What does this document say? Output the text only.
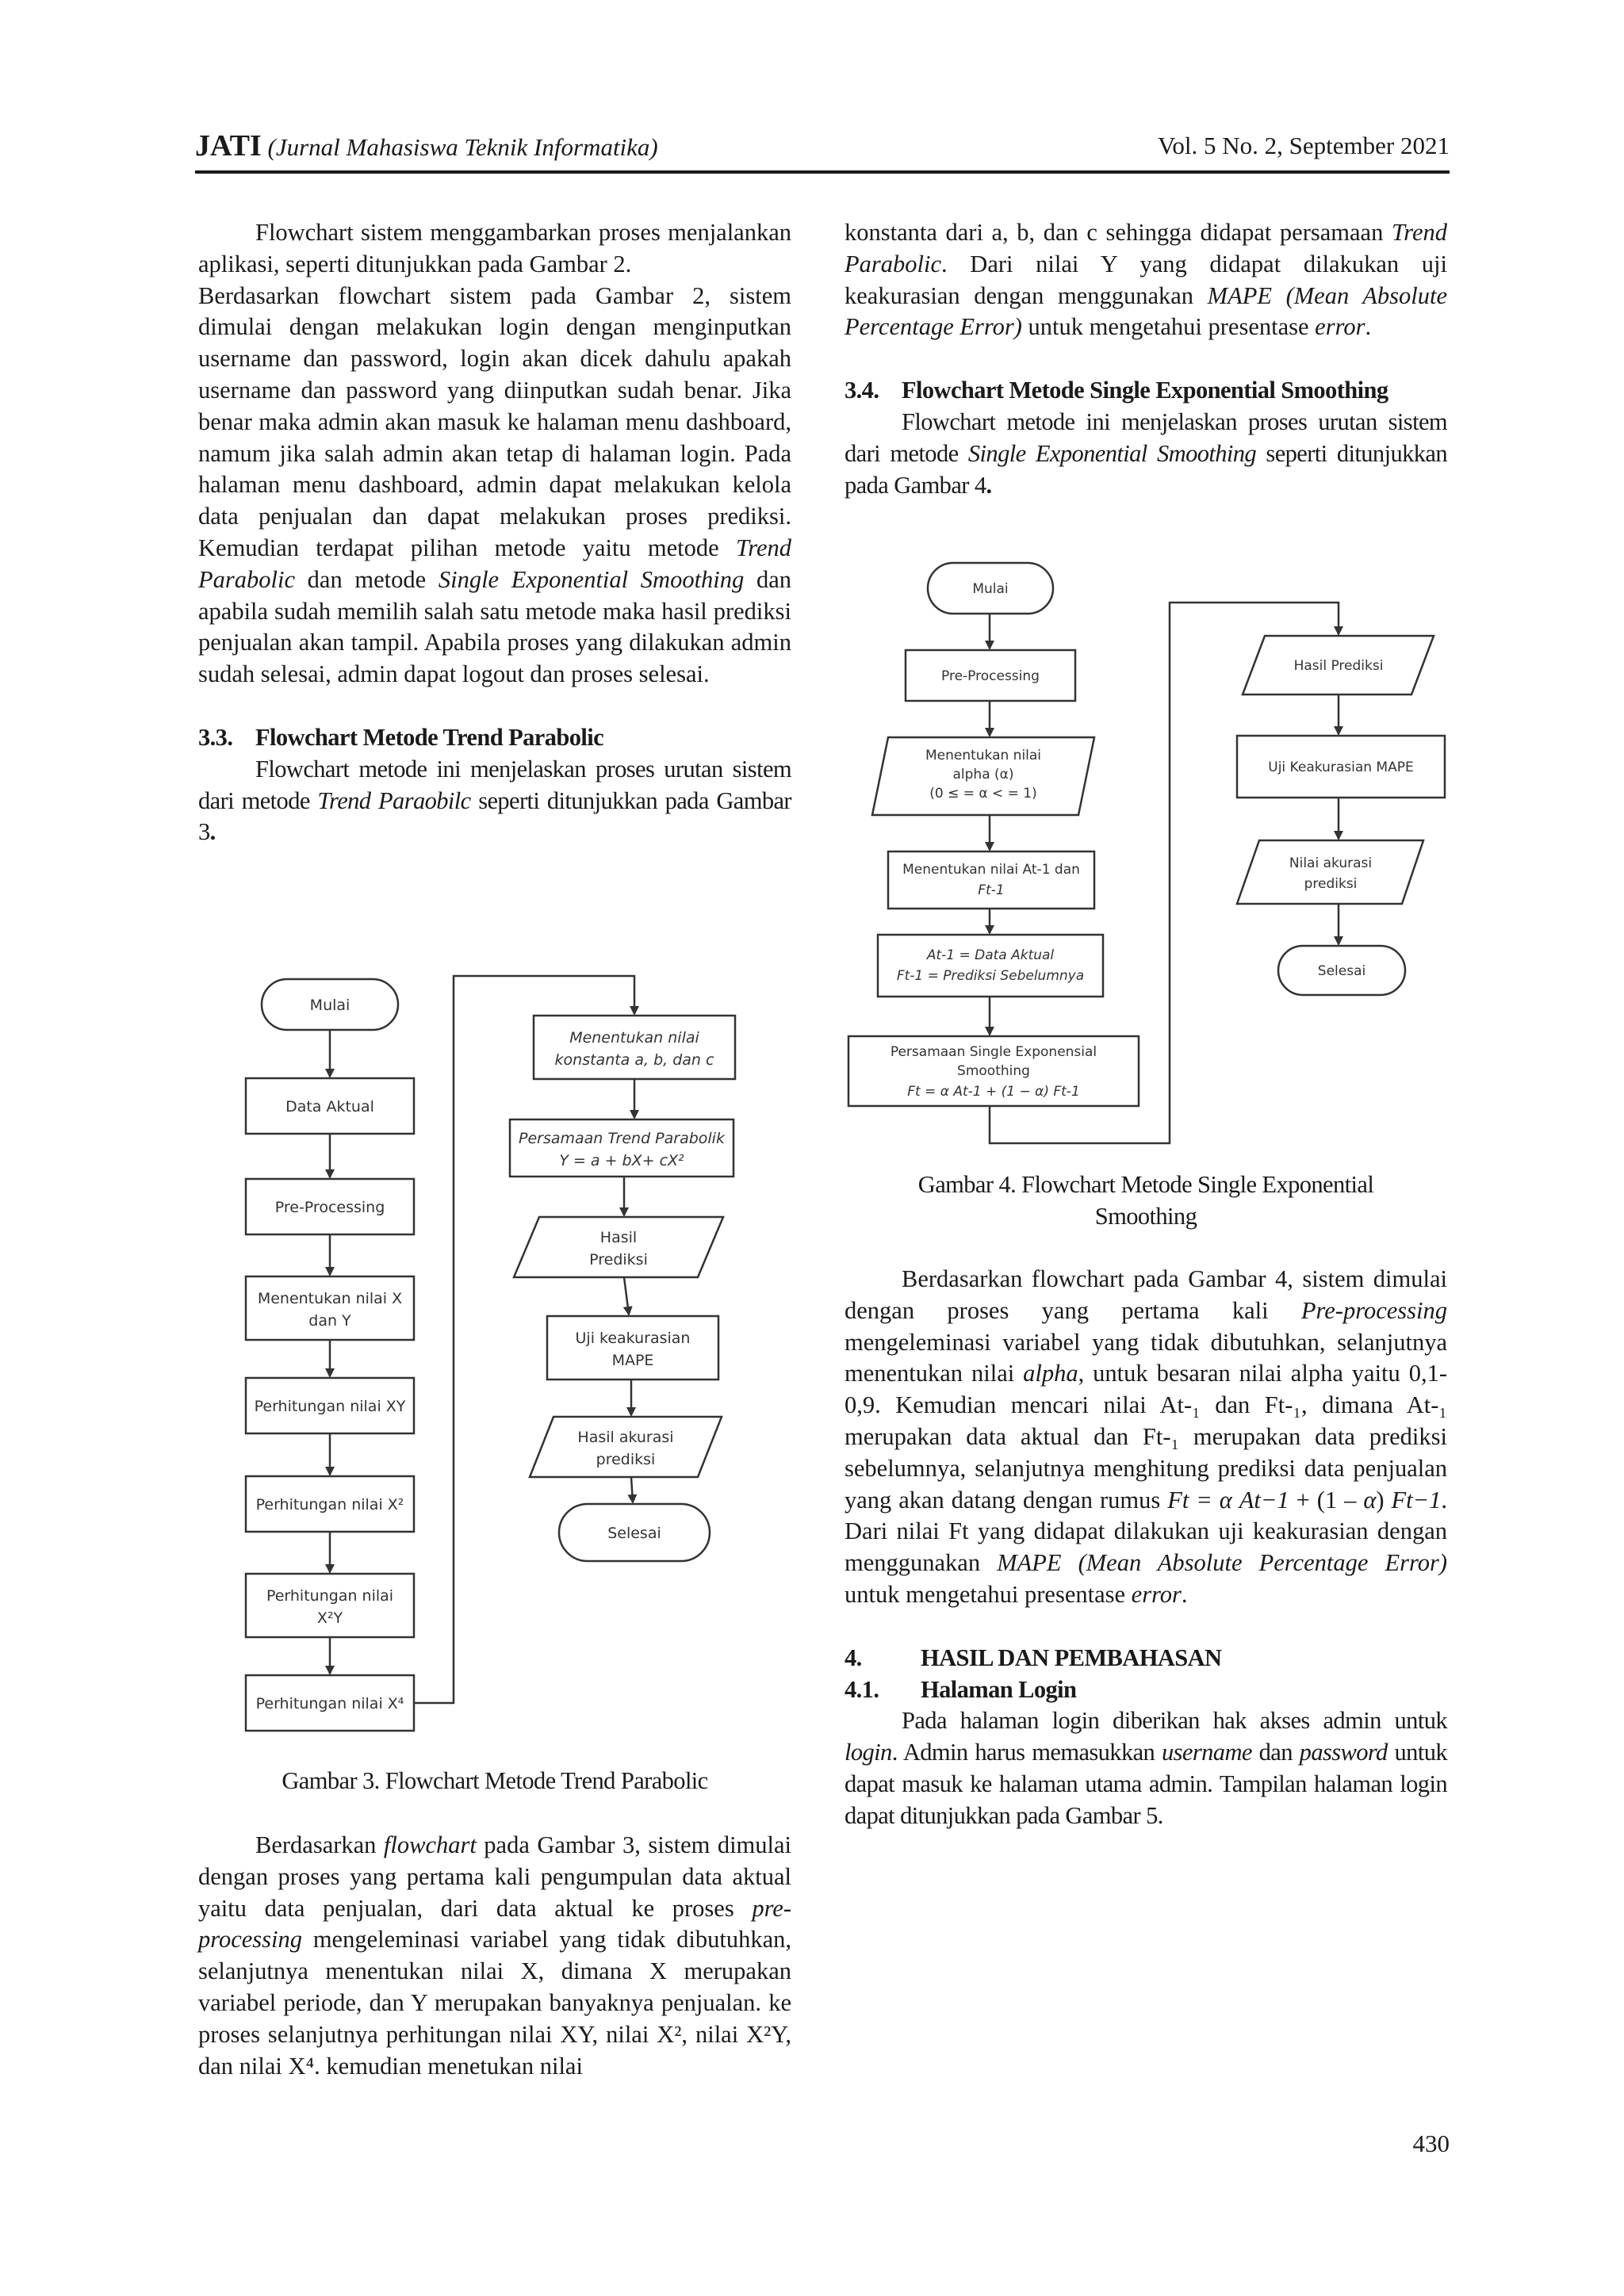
JATI (Jurnal Mahasiswa Teknik Informatika)	Vol. 5 No. 2, September 2021

Flowchart sistem menggambarkan proses menjalankan aplikasi, seperti ditunjukkan pada Gambar 2.

Berdasarkan flowchart sistem pada Gambar 2, sistem dimulai dengan melakukan login dengan menginputkan username dan password, login akan dicek dahulu apakah username dan password yang diinputkan sudah benar. Jika benar maka admin akan masuk ke halaman menu dashboard, namum jika salah admin akan tetap di halaman login. Pada halaman menu dashboard, admin dapat melakukan kelola data penjualan dan dapat melakukan proses prediksi. Kemudian terdapat pilihan metode yaitu metode Trend Parabolic dan metode Single Exponential Smoothing dan apabila sudah memilih salah satu metode maka hasil prediksi penjualan akan tampil. Apabila proses yang dilakukan admin sudah selesai, admin dapat logout dan proses selesai.

3.3. Flowchart Metode Trend Parabolic

Flowchart metode ini menjelaskan proses urutan sistem dari metode Trend Paraobilc seperti ditunjukkan pada Gambar 3.

Mulai
Data Aktual
Pre-Processing
Menentukan nilai X
dan Y
Perhitungan nilai XY
Perhitungan nilai X²
Perhitungan nilai
X²Y
Perhitungan nilai X⁴
Menentukan nilai
konstanta a, b, dan c
Persamaan Trend Parabolik
Y = a + bX+ cX²
Hasil
Prediksi
Uji keakurasian
MAPE
Hasil akurasi
prediksi
Selesai
Gambar 3. Flowchart Metode Trend Parabolic

Berdasarkan flowchart pada Gambar 3, sistem dimulai dengan proses yang pertama kali pengumpulan data aktual yaitu data penjualan, dari data aktual ke proses pre-processing mengeleminasi variabel yang tidak dibutuhkan, selanjutnya menentukan nilai X, dimana X merupakan variabel periode, dan Y merupakan banyaknya penjualan. ke proses selanjutnya perhitungan nilai XY, nilai X², nilai X²Y, dan nilai X⁴. kemudian menetukan nilai

konstanta dari a, b, dan c sehingga didapat persamaan Trend Parabolic. Dari nilai Y yang didapat dilakukan uji keakurasian dengan menggunakan MAPE (Mean Absolute Percentage Error) untuk mengetahui presentase error.

3.4. Flowchart Metode Single Exponential Smoothing

Flowchart metode ini menjelaskan proses urutan sistem dari metode Single Exponential Smoothing seperti ditunjukkan pada Gambar 4.

Mulai
Pre-Processing
Menentukan nilai
alpha (α)
(0 ≤ = α < = 1)
Menentukan nilai At-1 dan
Ft-1
At-1 = Data Aktual
Ft-1 = Prediksi Sebelumnya
Persamaan Single Exponensial
Smoothing
Ft = α At-1 + (1 − α) Ft-1
Hasil Prediksi
Uji Keakurasian MAPE
Nilai akurasi
prediksi
Selesai
Gambar 4. Flowchart Metode Single Exponential
Smoothing

Berdasarkan flowchart pada Gambar 4, sistem dimulai dengan proses yang pertama kali Pre-processing mengeleminasi variabel yang tidak dibutuhkan, selanjutnya menentukan nilai alpha, untuk besaran nilai alpha yaitu 0,1-0,9. Kemudian mencari nilai At-₁ dan Ft-₁, dimana At-₁ merupakan data aktual dan Ft-₁ merupakan data prediksi sebelumnya, selanjutnya menghitung prediksi data penjualan yang akan datang dengan rumus Ft = α At−1 + (1 – α) Ft−1. Dari nilai Ft yang didapat dilakukan uji keakurasian dengan menggunakan MAPE (Mean Absolute Percentage Error) untuk mengetahui presentase error.

4. HASIL DAN PEMBAHASAN

4.1. Halaman Login

Pada halaman login diberikan hak akses admin untuk login. Admin harus memasukkan username dan password untuk dapat masuk ke halaman utama admin. Tampilan halaman login dapat ditunjukkan pada Gambar 5.

430
